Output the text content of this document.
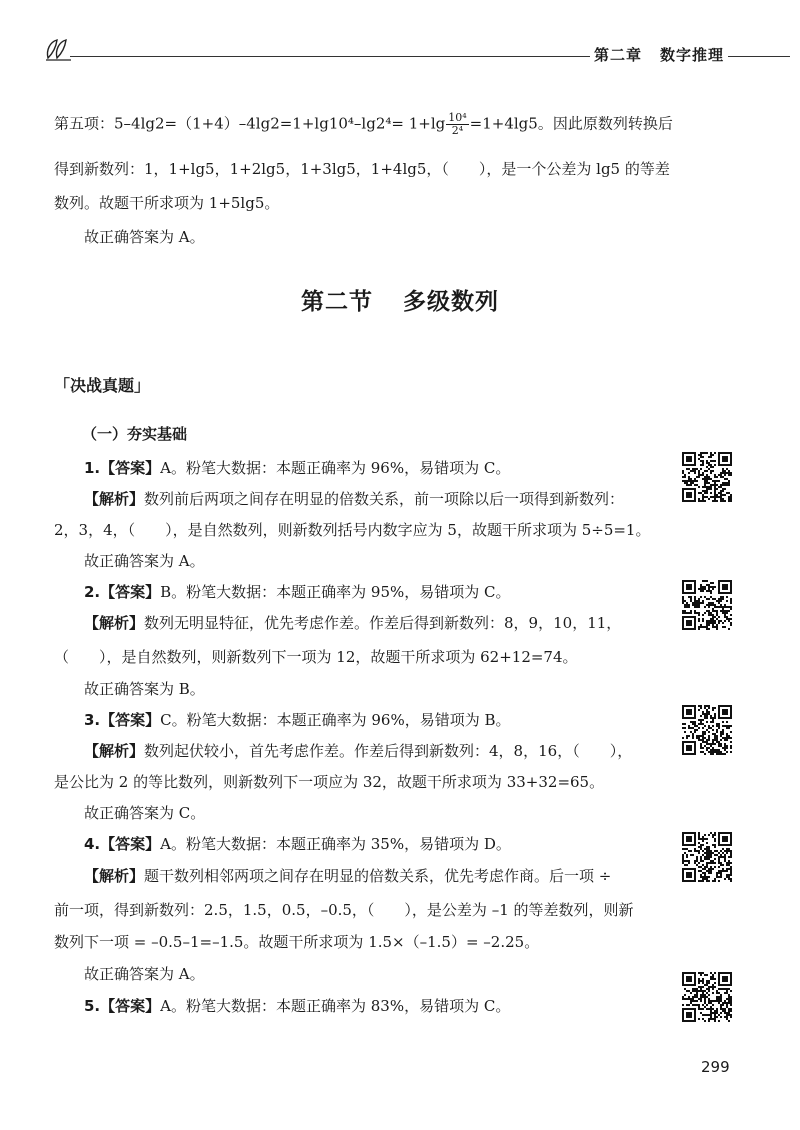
第二章 数字推理
第五项：$5-4\lg 2=(1+4)-4\lg 2=1+\lg 10^4-\lg 2^4= 1+\lg \frac{\text{10⁴}}{\text{2⁴}} =1+4\lg 5$。因此原数列转换后
得到新数列：1，1+lg5，1+2lg5，1+3lg5，1+4lg5，（　　），是一个公差为 lg5 的等差
数列。故题干所求项为 1+5lg5。
故正确答案为 A。
第二节 多级数列
「决战真题」
（一）夯实基础
1.【答案】A。粉笔大数据：本题正确率为 96%，易错项为 C。
【解析】数列前后两项之间存在明显的倍数关系，前一项除以后一项得到新数列：
2，3，4，（　　），是自然数列，则新数列括号内数字应为 5，故题干所求项为 5÷5=1。
故正确答案为 A。
2.【答案】B。粉笔大数据：本题正确率为 95%，易错项为 C。
【解析】数列无明显特征，优先考虑作差。作差后得到新数列：8，9，10，11，
（　　），是自然数列，则新数列下一项为 12，故题干所求项为 62+12=74。
故正确答案为 B。
3.【答案】C。粉笔大数据：本题正确率为 96%，易错项为 B。
【解析】数列起伏较小，首先考虑作差。作差后得到新数列：4，8，16，（　　），
是公比为 2 的等比数列，则新数列下一项应为 32，故题干所求项为 33+32=65。
故正确答案为 C。
4.【答案】A。粉笔大数据：本题正确率为 35%，易错项为 D。
【解析】题干数列相邻两项之间存在明显的倍数关系，优先考虑作商。后一项 ÷
前一项，得到新数列：2.5，1.5，0.5，–0.5，（　　），是公差为 –1 的等差数列，则新
数列下一项 = –0.5–1=–1.5。故题干所求项为 1.5×（–1.5）= –2.25。
故正确答案为 A。
5.【答案】A。粉笔大数据：本题正确率为 83%，易错项为 C。
299
